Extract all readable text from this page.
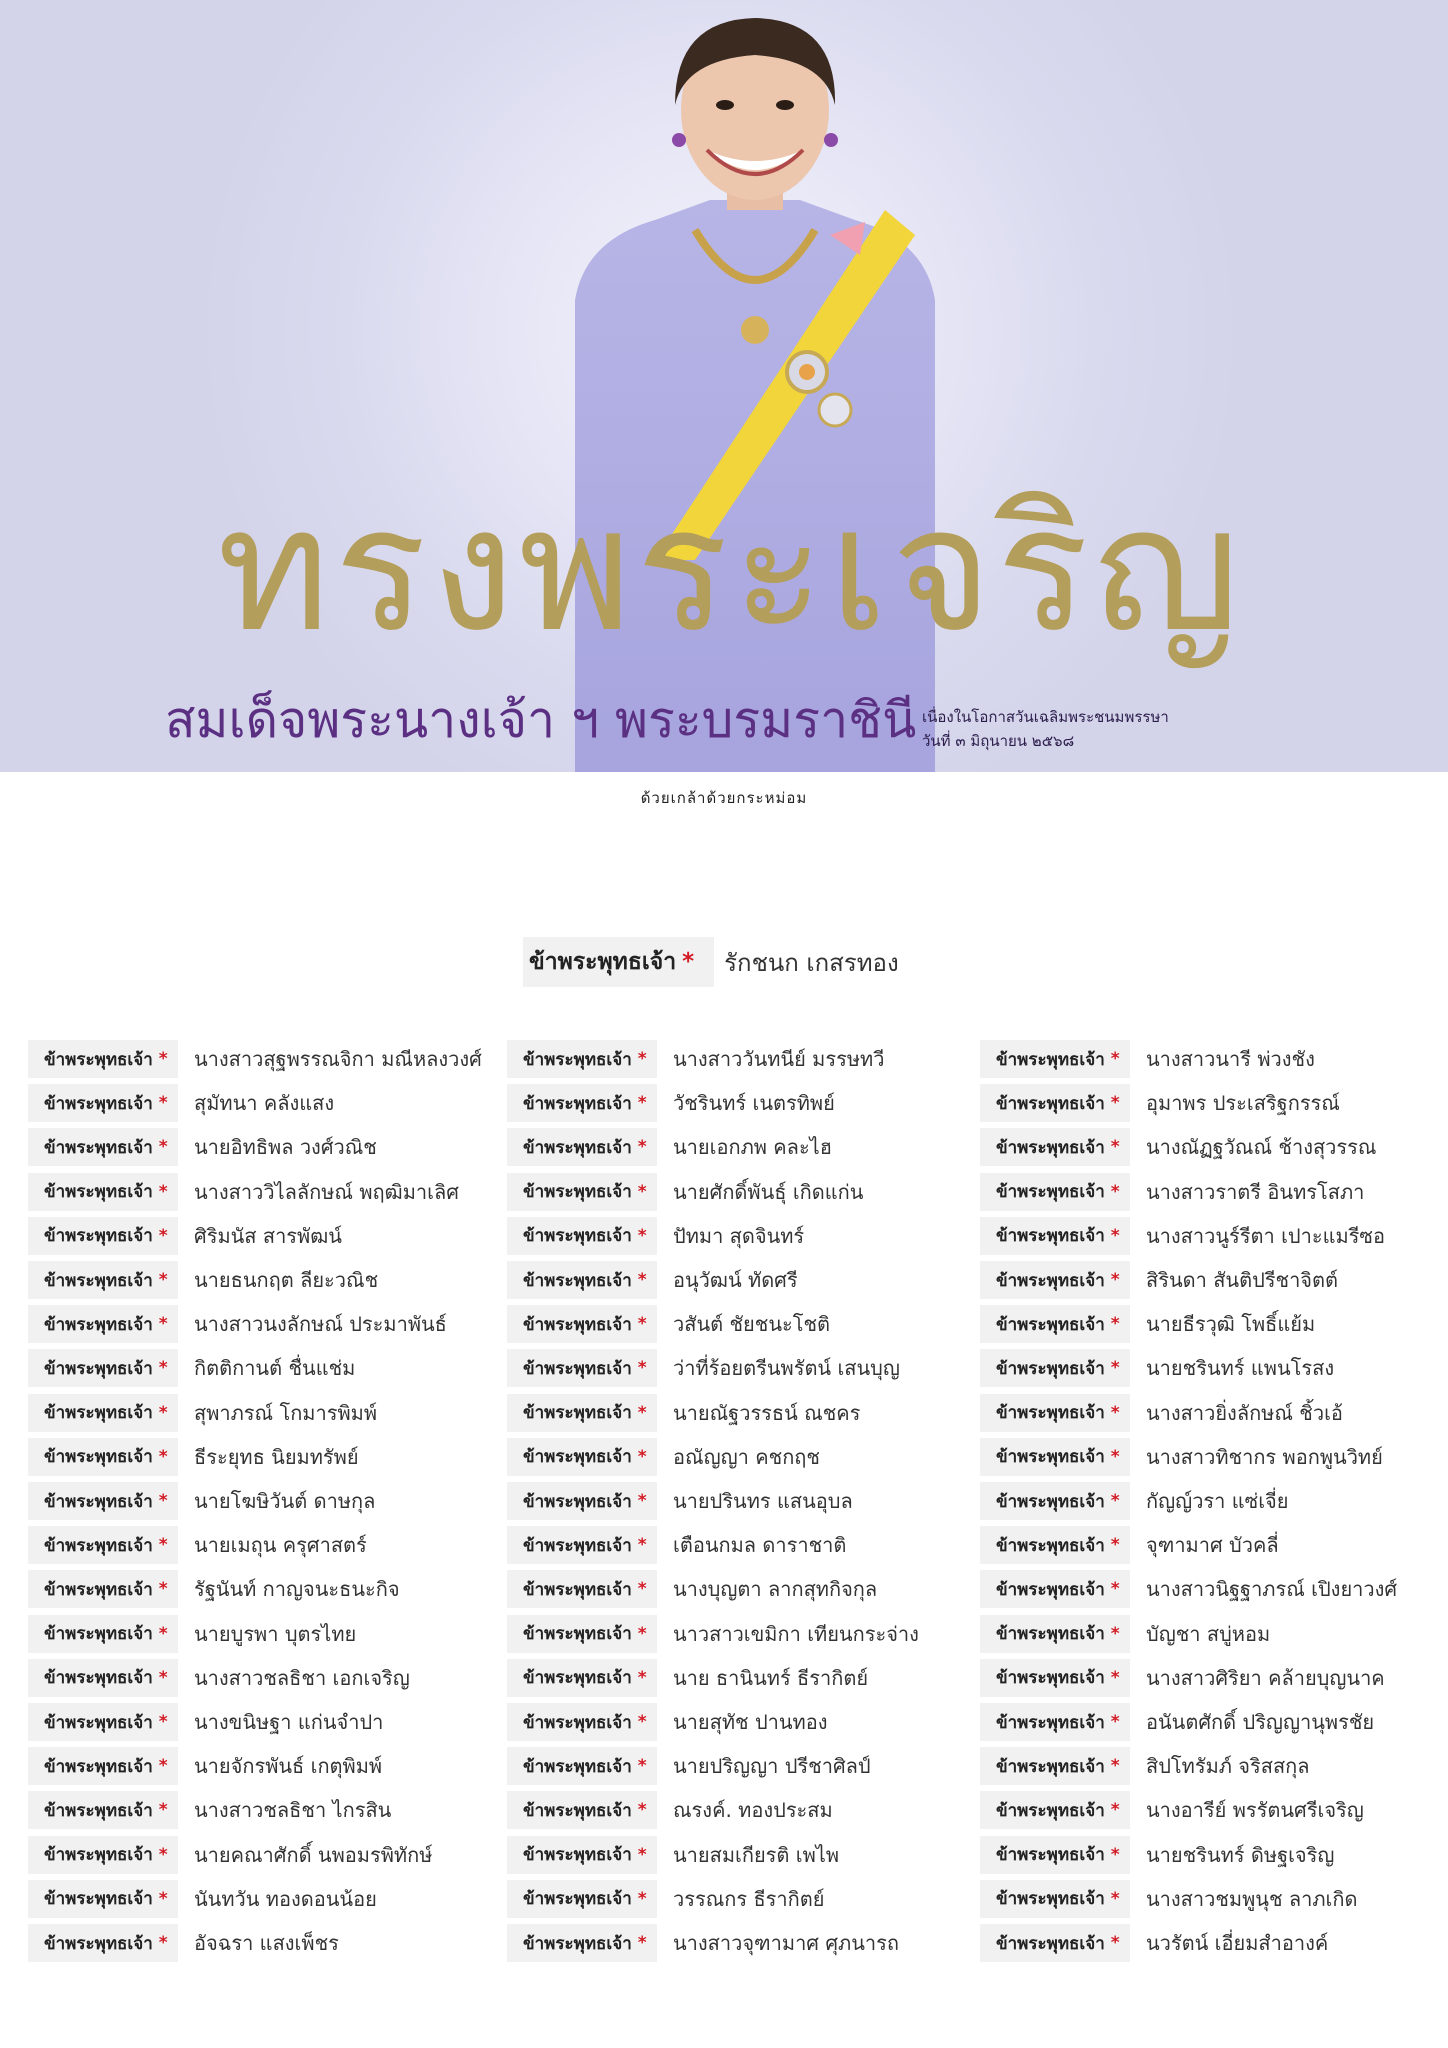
ทรงพระเจริญ
สมเด็จพระนางเจ้า ฯ พระบรมราชินี เนื่องในโอกาสวันเฉลิมพระชนมพรรษา
วันที่ ๓ มิถุนายน ๒๕๖๘
ด้วยเกล้าด้วยกระหม่อม
ข้าพระพุทธเจ้า * รักชนก เกสรทอง
ข้าพระพุทธเจ้า * นางสาวสุฐพรรณจิกา มณีหลงวงศ์
ข้าพระพุทธเจ้า * สุมัทนา คลังแสง
ข้าพระพุทธเจ้า * นายอิทธิพล วงศ์วณิช
ข้าพระพุทธเจ้า * นางสาววิไลลักษณ์ พฤฒิมาเลิศ
ข้าพระพุทธเจ้า * ศิริมนัส สารพัฒน์
ข้าพระพุทธเจ้า * นายธนกฤต ลียะวณิช
ข้าพระพุทธเจ้า * นางสาวนงลักษณ์ ประมาพันธ์
ข้าพระพุทธเจ้า * กิตติกานต์ ชื่นแช่ม
ข้าพระพุทธเจ้า * สุพาภรณ์ โกมารพิมพ์
ข้าพระพุทธเจ้า * ธีระยุทธ นิยมทรัพย์
ข้าพระพุทธเจ้า * นายโฆษิวันต์ ดาษกุล
ข้าพระพุทธเจ้า * นายเมถุน ครุศาสตร์
ข้าพระพุทธเจ้า * รัฐนันท์ กาญจนะธนะกิจ
ข้าพระพุทธเจ้า * นายบูรพา บุตรไทย
ข้าพระพุทธเจ้า * นางสาวชลธิชา เอกเจริญ
ข้าพระพุทธเจ้า * นางขนิษฐา แก่นจำปา
ข้าพระพุทธเจ้า * นายจักรพันธ์ เกตุพิมพ์
ข้าพระพุทธเจ้า * นางสาวชลธิชา ไกรสิน
ข้าพระพุทธเจ้า * นายคณาศักดิ์ นพอมรพิทักษ์
ข้าพระพุทธเจ้า * นันทวัน ทองดอนน้อย
ข้าพระพุทธเจ้า * อัจฉรา แสงเพ็ชร
ข้าพระพุทธเจ้า * นางสาววันทนีย์ มรรษทวี
ข้าพระพุทธเจ้า * วัชรินทร์ เนตรทิพย์
ข้าพระพุทธเจ้า * นายเอกภพ คละไฮ
ข้าพระพุทธเจ้า * นายศักดิ์พันธุ์ เกิดแก่น
ข้าพระพุทธเจ้า * ปัทมา สุดจินทร์
ข้าพระพุทธเจ้า * อนุวัฒน์ ทัดศรี
ข้าพระพุทธเจ้า * วสันต์ ชัยชนะโชติ
ข้าพระพุทธเจ้า * ว่าที่ร้อยตรีนพรัตน์ เสนบุญ
ข้าพระพุทธเจ้า * นายณัฐวรรธน์ ณชคร
ข้าพระพุทธเจ้า * อณัญญา คชกฤช
ข้าพระพุทธเจ้า * นายปรินทร แสนอุบล
ข้าพระพุทธเจ้า * เตือนกมล ดาราชาติ
ข้าพระพุทธเจ้า * นางบุญตา ลากสุทกิจกุล
ข้าพระพุทธเจ้า * นาวสาวเขมิกา เทียนกระจ่าง
ข้าพระพุทธเจ้า * นาย ธานินทร์ ธีรากิตย์
ข้าพระพุทธเจ้า * นายสุทัช ปานทอง
ข้าพระพุทธเจ้า * นายปริญญา ปรีชาศิลป์
ข้าพระพุทธเจ้า * ณรงค์. ทองประสม
ข้าพระพุทธเจ้า * นายสมเกียรติ เพไพ
ข้าพระพุทธเจ้า * วรรณกร ธีรากิตย์
ข้าพระพุทธเจ้า * นางสาวจุฑามาศ ศุภนารถ
ข้าพระพุทธเจ้า * นางสาวนารี พ่วงชัง
ข้าพระพุทธเจ้า * อุมาพร ประเสริฐกรรณ์
ข้าพระพุทธเจ้า * นางณัฏฐวัณณ์ ช้างสุวรรณ
ข้าพระพุทธเจ้า * นางสาวราตรี อินทรโสภา
ข้าพระพุทธเจ้า * นางสาวนูร์รีตา เปาะแมรีซอ
ข้าพระพุทธเจ้า * สิรินดา สันติปรีชาจิตต์
ข้าพระพุทธเจ้า * นายธีรวุฒิ โพธิ์แย้ม
ข้าพระพุทธเจ้า * นายชรินทร์ แพนโรสง
ข้าพระพุทธเจ้า * นางสาวยิ่งลักษณ์ ชิ้วเอ้
ข้าพระพุทธเจ้า * นางสาวทิชากร พอกพูนวิทย์
ข้าพระพุทธเจ้า * กัญญ์วรา แซ่เจี่ย
ข้าพระพุทธเจ้า * จุฑามาศ บัวคลี่
ข้าพระพุทธเจ้า * นางสาวนิฐฐาภรณ์ เปิงยาวงศ์
ข้าพระพุทธเจ้า * บัญชา สบู่หอม
ข้าพระพุทธเจ้า * นางสาวศิริยา คล้ายบุญนาค
ข้าพระพุทธเจ้า * อนันตศักดิ์ ปริญญานุพรชัย
ข้าพระพุทธเจ้า * สิปโทรัมภ์ จริสสกุล
ข้าพระพุทธเจ้า * นางอารีย์ พรรัตนศรีเจริญ
ข้าพระพุทธเจ้า * นายชรินทร์ ดิษฐเจริญ
ข้าพระพุทธเจ้า * นางสาวชมพูนุช ลาภเกิด
ข้าพระพุทธเจ้า * นวรัตน์ เอี่ยมสำอางค์
